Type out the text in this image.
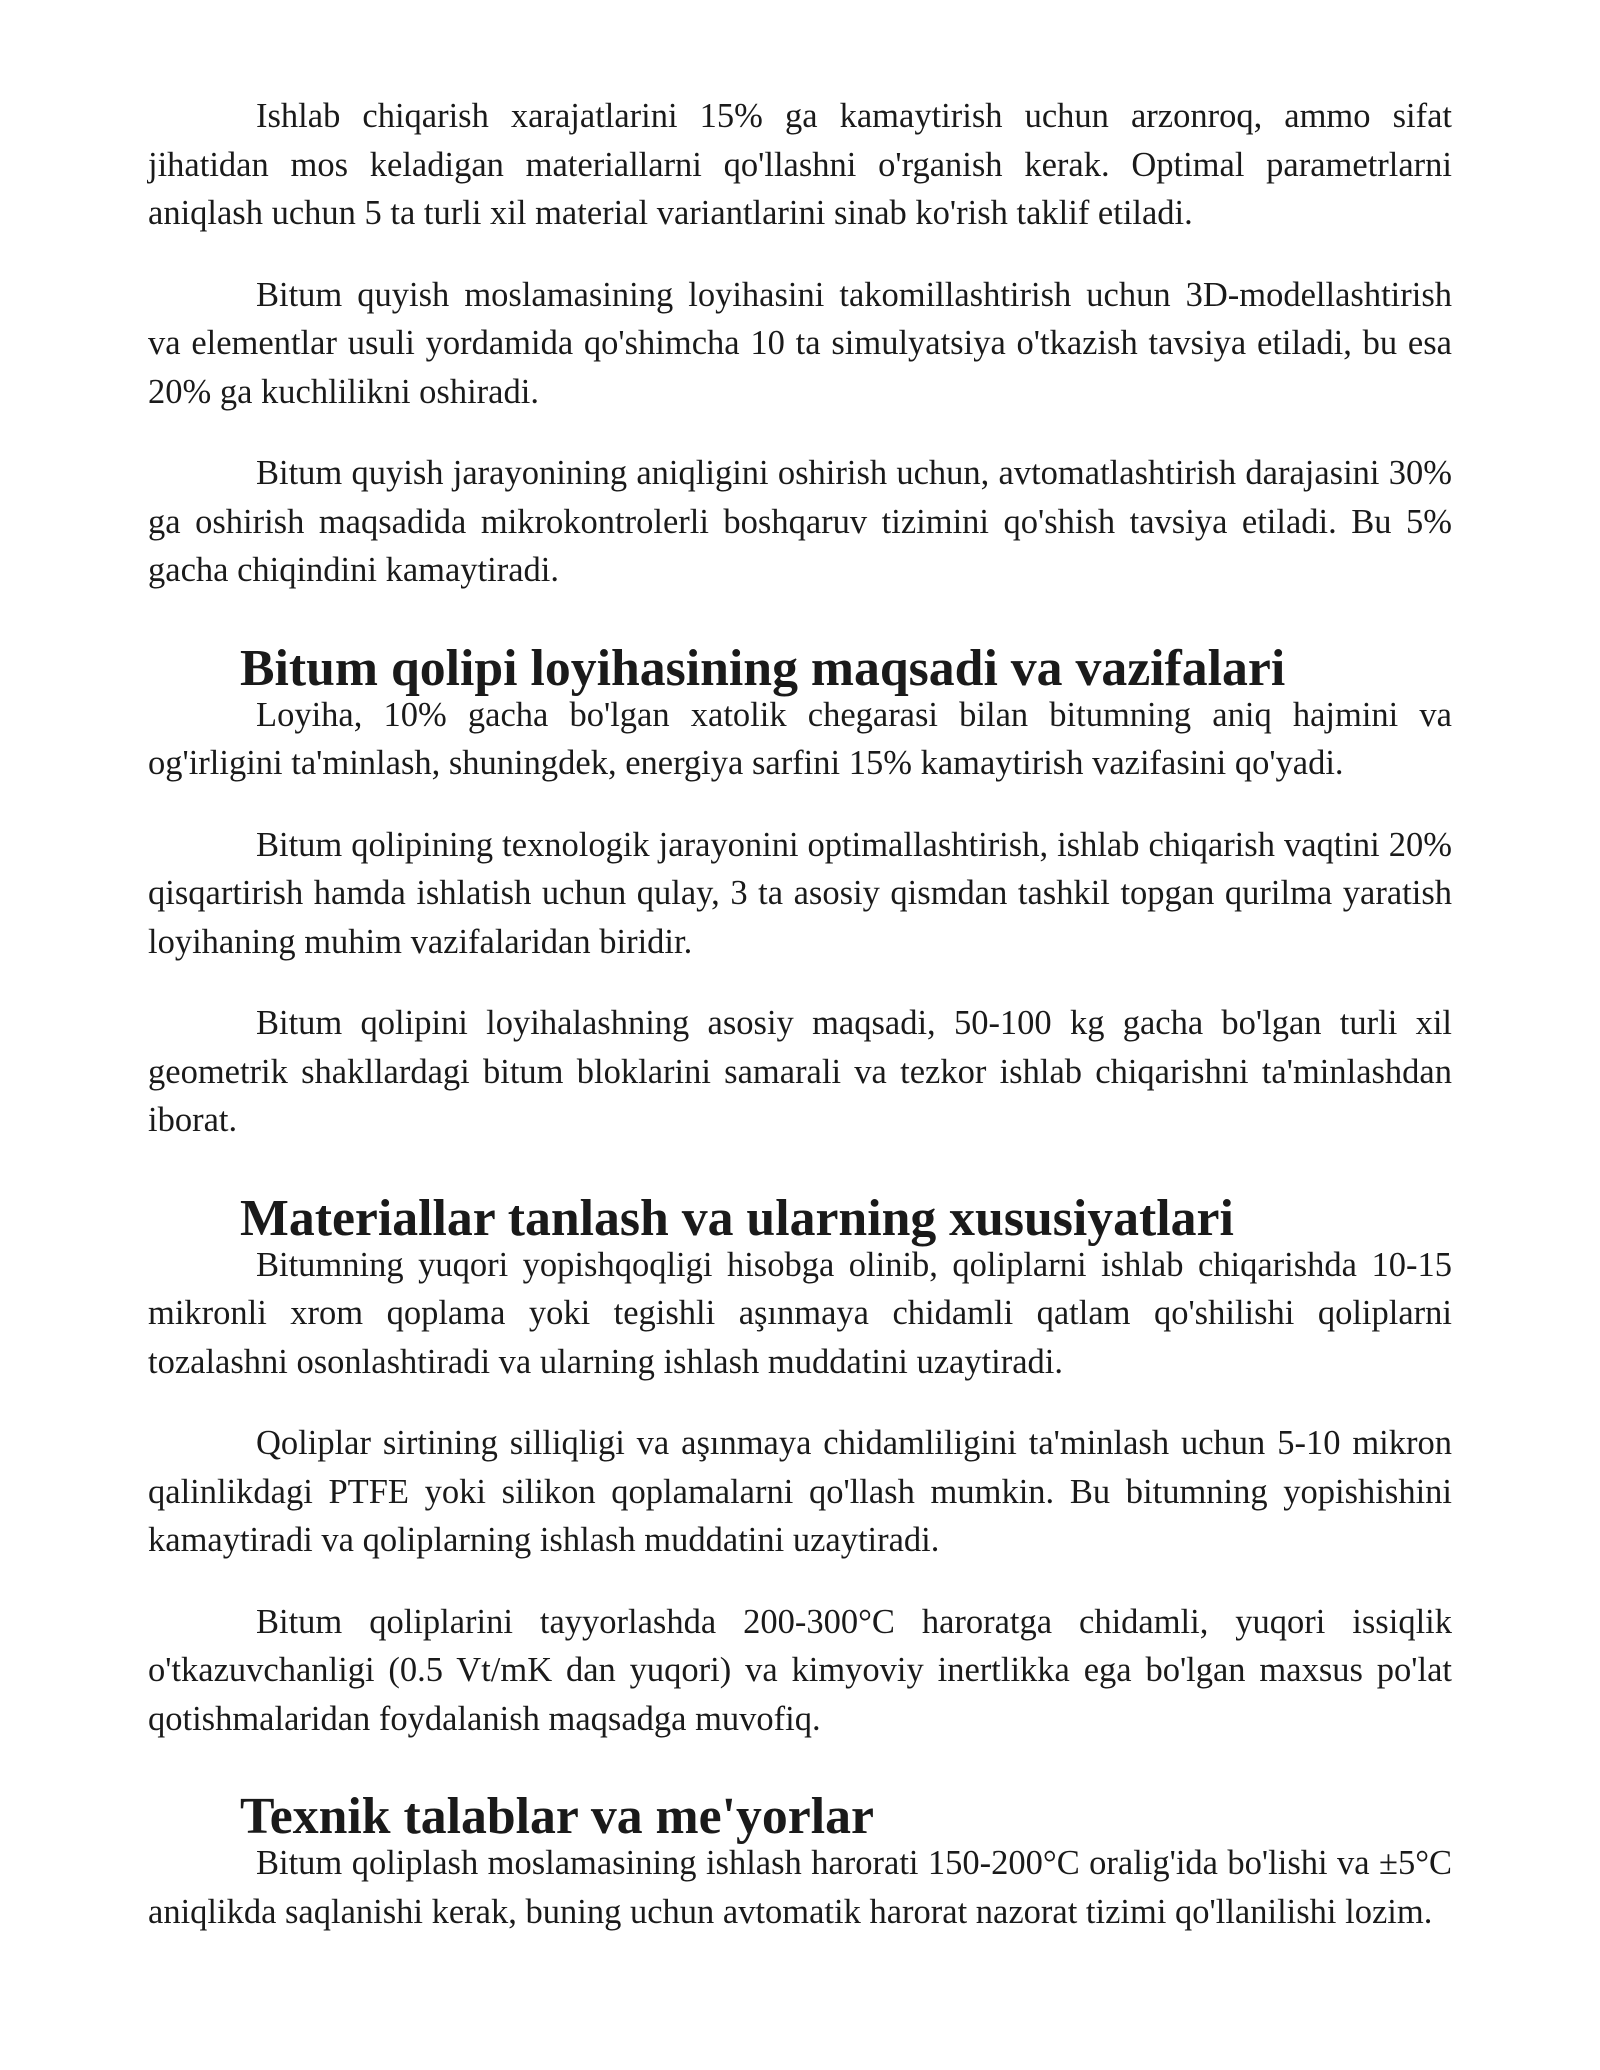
Ishlab chiqarish xarajatlarini 15% ga kamaytirish uchun arzonroq, ammo sifat jihatidan mos keladigan materiallarni qo'llashni o'rganish kerak. Optimal parametrlarni aniqlash uchun 5 ta turli xil material variantlarini sinab ko'rish taklif etiladi.

Bitum quyish moslamasining loyihasini takomillashtirish uchun 3D-modellashtirish va elementlar usuli yordamida qo'shimcha 10 ta simulyatsiya o'tkazish tavsiya etiladi, bu esa 20% ga kuchlilikni oshiradi.

Bitum quyish jarayonining aniqligini oshirish uchun, avtomatlashtirish darajasini 30% ga oshirish maqsadida mikrokontrolerli boshqaruv tizimini qo'shish tavsiya etiladi. Bu 5% gacha chiqindini kamaytiradi.

Bitum qolipi loyihasining maqsadi va vazifalari

Loyiha, 10% gacha bo'lgan xatolik chegarasi bilan bitumning aniq hajmini va og'irligini ta'minlash, shuningdek, energiya sarfini 15% kamaytirish vazifasini qo'yadi.

Bitum qolipining texnologik jarayonini optimallashtirish, ishlab chiqarish vaqtini 20% qisqartirish hamda ishlatish uchun qulay, 3 ta asosiy qismdan tashkil topgan qurilma yaratish loyihaning muhim vazifalaridan biridir.

Bitum qolipini loyihalashning asosiy maqsadi, 50-100 kg gacha bo'lgan turli xil geometrik shakllardagi bitum bloklarini samarali va tezkor ishlab chiqarishni ta'minlashdan iborat.

Materiallar tanlash va ularning xususiyatlari

Bitumning yuqori yopishqoqligi hisobga olinib, qoliplarni ishlab chiqarishda 10-15 mikronli xrom qoplama yoki tegishli aşınmaya chidamli qatlam qo'shilishi qoliplarni tozalashni osonlashtiradi va ularning ishlash muddatini uzaytiradi.

Qoliplar sirtining silliqligi va aşınmaya chidamliligini ta'minlash uchun 5-10 mikron qalinlikdagi PTFE yoki silikon qoplamalarni qo'llash mumkin. Bu bitumning yopishishini kamaytiradi va qoliplarning ishlash muddatini uzaytiradi.

Bitum qoliplarini tayyorlashda 200-300°C haroratga chidamli, yuqori issiqlik o'tkazuvchanligi (0.5 Vt/mK dan yuqori) va kimyoviy inertlikka ega bo'lgan maxsus po'lat qotishmalaridan foydalanish maqsadga muvofiq.

Texnik talablar va me'yorlar

Bitum qoliplash moslamasining ishlash harorati 150-200°C oralig'ida bo'lishi va ±5°C aniqlikda saqlanishi kerak, buning uchun avtomatik harorat nazorat tizimi qo'llanilishi lozim.
